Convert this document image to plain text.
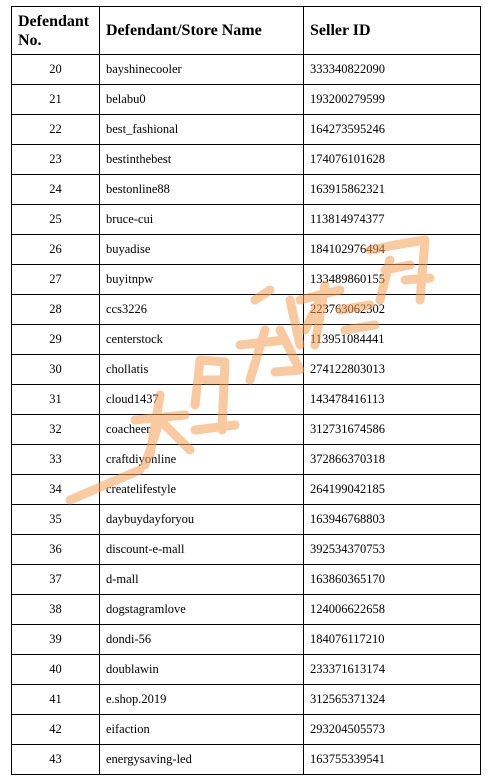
Defendant No.	Defendant/Store Name	Seller ID
20	bayshinecooler	333340822090
21	belabu0	193200279599
22	best_fashional	164273595246
23	bestinthebest	174076101628
24	bestonline88	163915862321
25	bruce-cui	113814974377
26	buyadise	184102976494
27	buyitnpw	133489860155
28	ccs3226	223763062302
29	centerstock	113951084441
30	chollatis	274122803013
31	cloud1437	143478416113
32	coacheer	312731674586
33	craftdiyonline	372866370318
34	createlifestyle	264199042185
35	daybuydayforyou	163946768803
36	discount-e-mall	392534370753
37	d-mall	163860365170
38	dogstagramlove	124006622658
39	dondi-56	184076117210
40	doublawin	233371613174
41	e.shop.2019	312565371324
42	eifaction	293204505573
43	energysaving-led	163755339541
